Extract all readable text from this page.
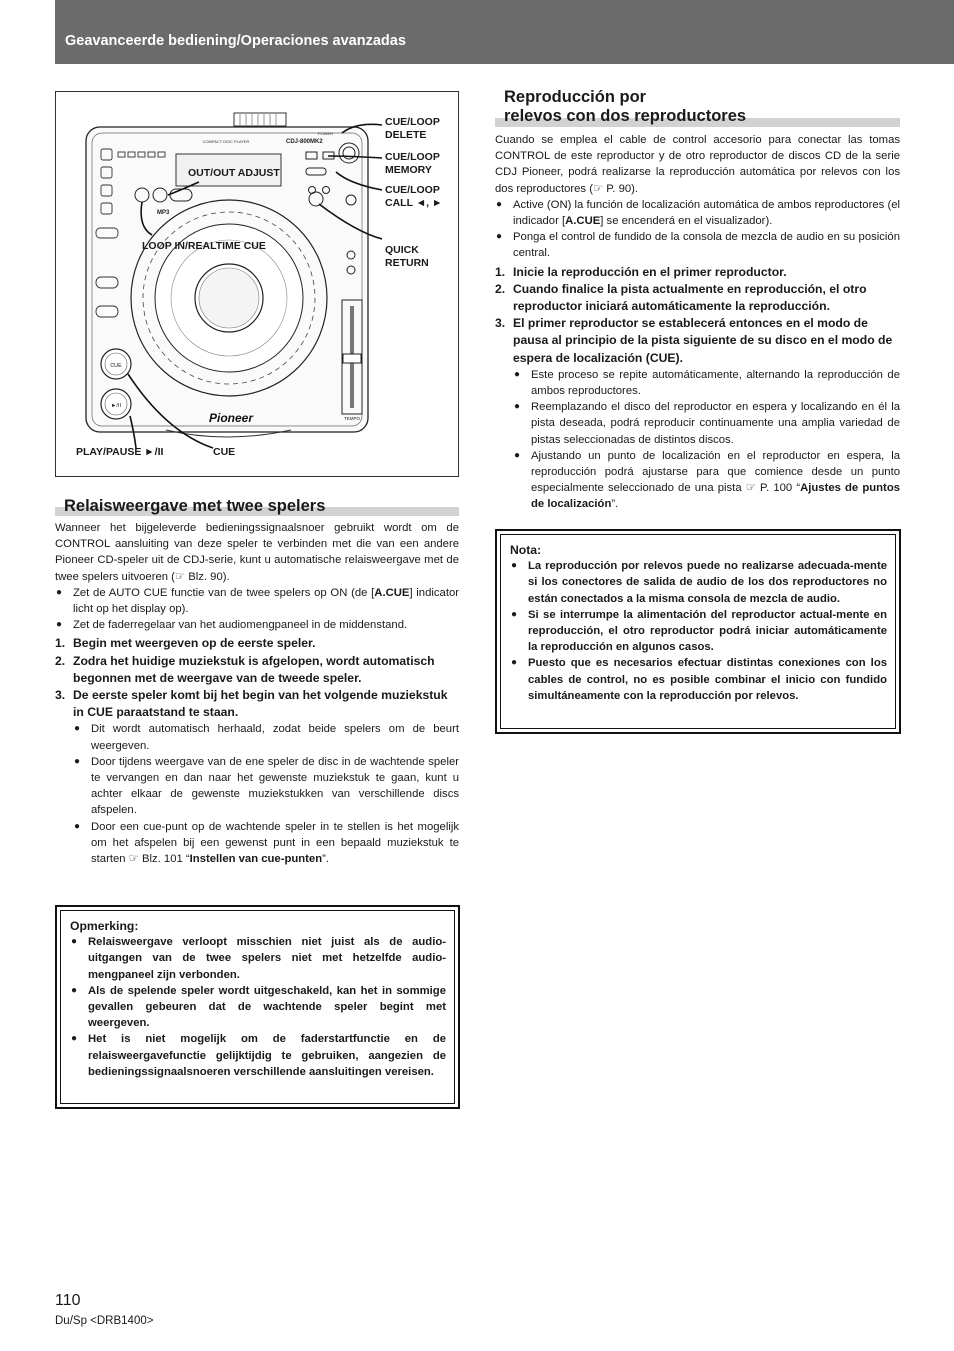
Geavanceerde bediening/Operaciones avanzadas
COMPACT DISC PLAYER	CDJ-800MK2
POWER
MP3
CUE
►/II
TEMPO
Pioneer
CUE/LOOP
DELETE
CUE/LOOP
MEMORY
CUE/LOOP
CALL ◄, ►
OUT/OUT ADJUST
LOOP IN/REALTIME CUE	QUICK
RETURN
PLAY/PAUSE ►/II	CUE
Reproducción por
relevos con dos reproductores

Cuando se emplea el cable de control accesorio para conectar las tomas CONTROL de este reproductor y de otro reproductor de discos CD de la serie CDJ Pioneer, podrá realizarse la reproducción automática por relevos con los dos reproductores (☞ P. 90).

● Active (ON) la función de localización automática de ambos reproductores (el indicador [A.CUE] se encenderá en el visualizador).
● Ponga el control de fundido de la consola de mezcla de audio en su posición central.
1. Inicie la reproducción en el primer reproductor.
2. Cuando finalice la pista actualmente en reproducción, el otro reproductor iniciará automáticamente la reproducción.
3. El primer reproductor se establecerá entonces en el modo de pausa al principio de la pista siguiente de su disco en el modo de espera de localización (CUE).
● Este proceso se repite automáticamente, alternando la reproducción de ambos reproductores.
● Reemplazando el disco del reproductor en espera y localizando en él la pista deseada, podrá reproducir continuamente una amplia variedad de pistas seleccionadas de distintos discos.
● Ajustando un punto de localización en el reproductor en espera, la reproducción podrá ajustarse para que comience desde un punto especialmente seleccionado de una pista ☞ P. 100 “Ajustes de puntos de localización”.
Nota:
● La reproducción por relevos puede no realizarse adecuada-mente si los conectores de salida de audio de los dos reproductores no están conectados a la misma consola de mezcla de audio.
● Si se interrumpe la alimentación del reproductor actual-mente en reproducción, el otro reproductor podrá iniciar automáticamente la reproducción en algunos casos.
● Puesto que es necesarios efectuar distintas conexiones con los cables de control, no es posible combinar el inicio con fundido simultáneamente con la reproducción por relevos.
Relaisweergave met twee spelers

Wanneer het bijgeleverde bedieningssignaalsnoer gebruikt wordt om de CONTROL aansluiting van deze speler te verbinden met die van een andere Pioneer CD-speler uit de CDJ-serie, kunt u automatische relaisweergave met de twee spelers uitvoeren (☞ Blz. 90).

● Zet de AUTO CUE functie van de twee spelers op ON (de [A.CUE] indicator licht op het display op).
● Zet de faderregelaar van het audiomengpaneel in de middenstand.
1. Begin met weergeven op de eerste speler.
2. Zodra het huidige muziekstuk is afgelopen, wordt automatisch begonnen met de weergave van de tweede speler.
3. De eerste speler komt bij het begin van het volgende muziekstuk in CUE paraatstand te staan.
● Dit wordt automatisch herhaald, zodat beide spelers om de beurt weergeven.
● Door tijdens weergave van de ene speler de disc in de wachtende speler te vervangen en dan naar het gewenste muziekstuk te gaan, kunt u achter elkaar de gewenste muziekstukken van verschillende discs afspelen.
● Door een cue-punt op de wachtende speler in te stellen is het mogelijk om het afspelen bij een gewenst punt in een bepaald muziekstuk te starten ☞ Blz. 101 “Instellen van cue-punten”.
Opmerking:
● Relaisweergave verloopt misschien niet juist als de audio-uitgangen van de twee spelers niet met hetzelfde audio-mengpaneel zijn verbonden.
● Als de spelende speler wordt uitgeschakeld, kan het in sommige gevallen gebeuren dat de wachtende speler begint met weergeven.
● Het is niet mogelijk om de faderstartfunctie en de relaisweergavefunctie gelijktijdig te gebruiken, aangezien de bedieningssignaalsnoeren verschillende aansluitingen vereisen.
110
Du/Sp <DRB1400>
